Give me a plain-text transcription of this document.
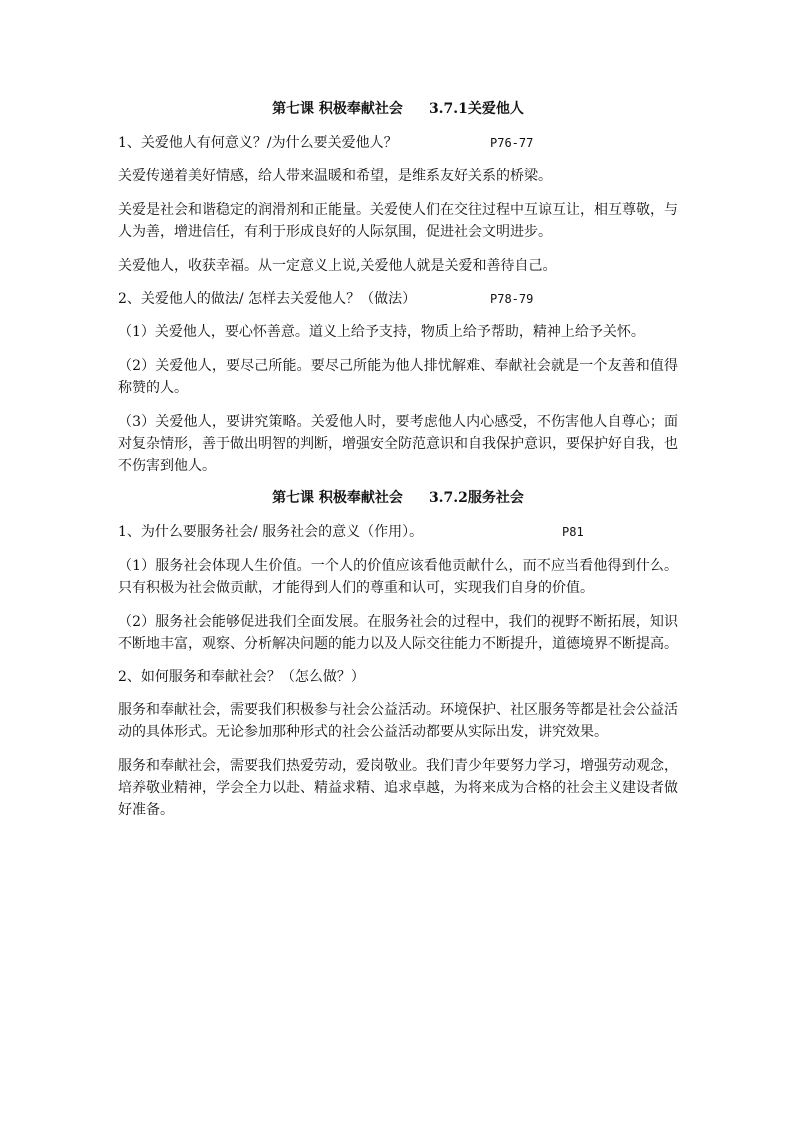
第七课 积极奉献社会 3.7.1关爱他人
1、关爱他人有何意义？/为什么要关爱他人？	P76-77

关爱传递着美好情感，给人带来温暖和希望，是维系友好关系的桥梁。

关爱是社会和谐稳定的润滑剂和正能量。关爱使人们在交往过程中互谅互让，相互尊敬，与人为善，增进信任，有利于形成良好的人际氛围，促进社会文明进步。

关爱他人，收获幸福。从一定意义上说,关爱他人就是关爱和善待自己。

2、关爱他人的做法/ 怎样去关爱他人？（做法）	P78-79

（1）关爱他人，要心怀善意。道义上给予支持，物质上给予帮助，精神上给予关怀。

（2）关爱他人，要尽己所能。要尽己所能为他人排忧解难、奉献社会就是一个友善和值得称赞的人。

（3）关爱他人，要讲究策略。关爱他人时，要考虑他人内心感受，不伤害他人自尊心；面对复杂情形，善于做出明智的判断，增强安全防范意识和自我保护意识，要保护好自我，也不伤害到他人。

第七课 积极奉献社会 3.7.2服务社会
1、为什么要服务社会/ 服务社会的意义（作用）。	P81

（1）服务社会体现人生价值。一个人的价值应该看他贡献什么，而不应当看他得到什么。只有积极为社会做贡献，才能得到人们的尊重和认可，实现我们自身的价值。

（2）服务社会能够促进我们全面发展。在服务社会的过程中，我们的视野不断拓展，知识不断地丰富，观察、分析解决问题的能力以及人际交往能力不断提升，道德境界不断提高。

2、如何服务和奉献社会？（怎么做？）

服务和奉献社会，需要我们积极参与社会公益活动。环境保护、社区服务等都是社会公益活动的具体形式。无论参加那种形式的社会公益活动都要从实际出发，讲究效果。

服务和奉献社会，需要我们热爱劳动，爱岗敬业。我们青少年要努力学习，增强劳动观念，培养敬业精神，学会全力以赴、精益求精、追求卓越，为将来成为合格的社会主义建设者做好准备。
